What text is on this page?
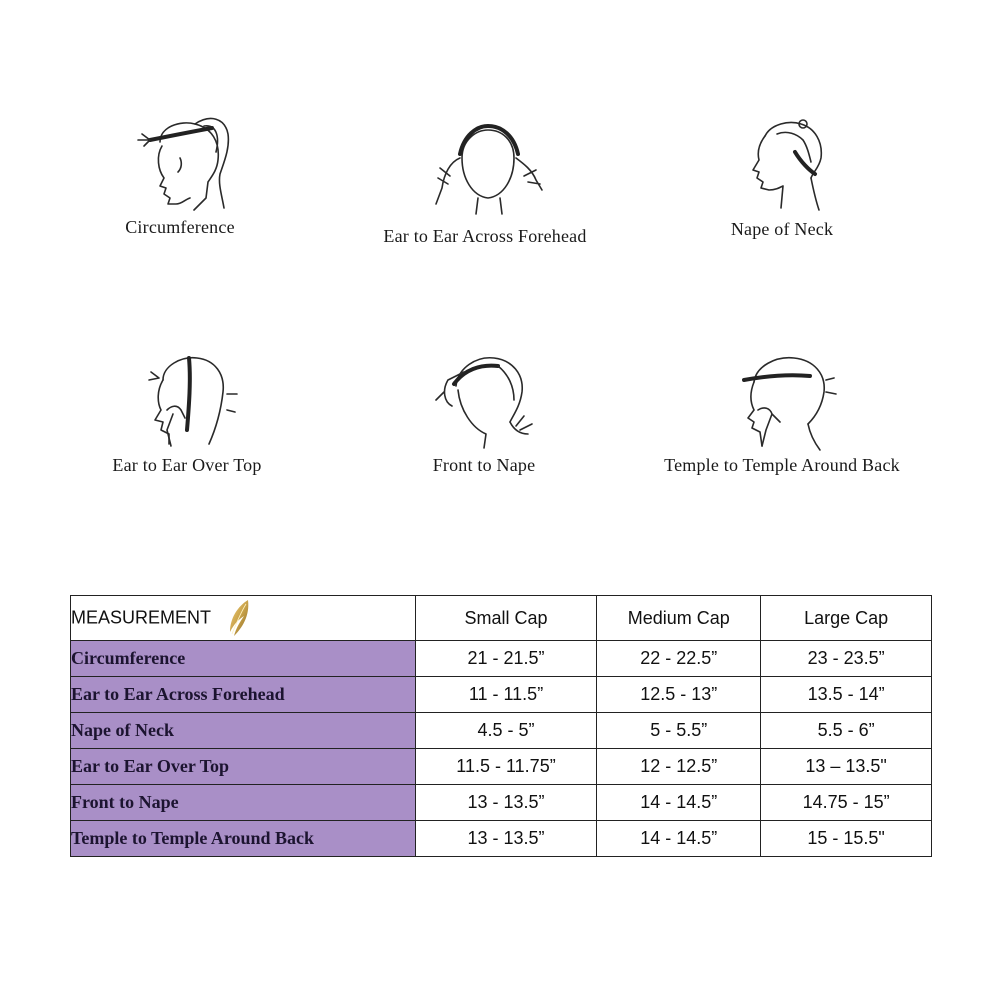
Circumference	Ear to Ear Across Forehead	Nape of Neck
Ear to Ear Over Top	Front to Nape	Temple to Temple Around Back
MEASUREMENT	Small Cap	Medium Cap	Large Cap
Circumference	21 - 21.5”	22 - 22.5”	23 - 23.5”
Ear to Ear Across Forehead	11 - 11.5”	12.5 - 13”	13.5 - 14”
Nape of Neck	4.5 - 5”	5 - 5.5”	5.5 - 6”
Ear to Ear Over Top	11.5 - 11.75”	12 - 12.5”	13 – 13.5"
Front to Nape	13 - 13.5”	14 - 14.5”	14.75 - 15”
Temple to Temple Around Back	13 - 13.5”	14 - 14.5”	15 - 15.5"
